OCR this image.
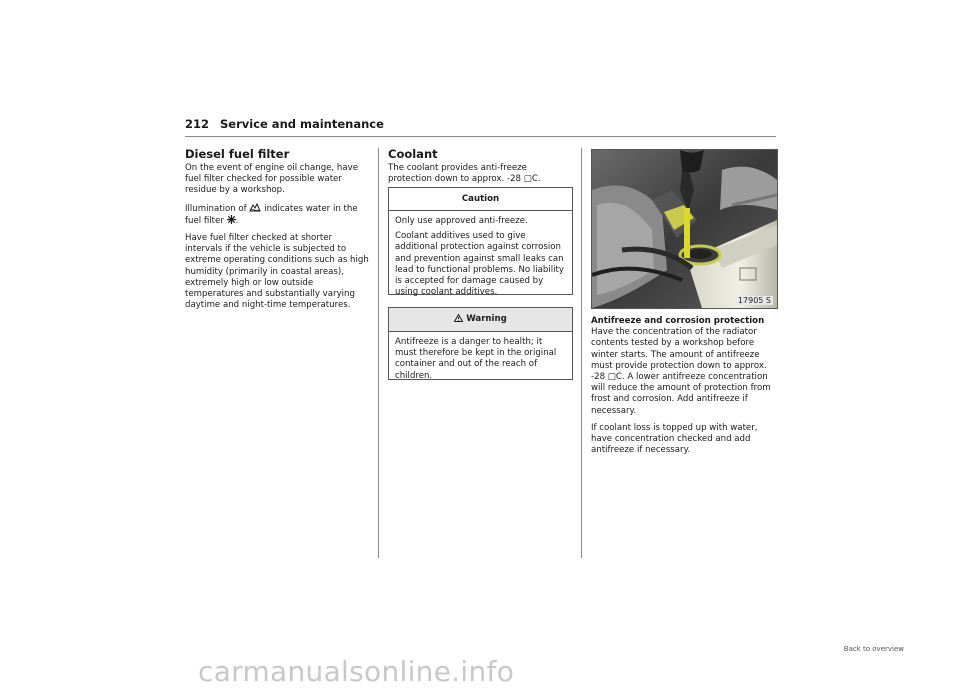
212 Service and maintenance
Diesel fuel filter

On the event of engine oil change, have fuel filter checked for possible water residue by a workshop.

Illumination of indicates water in the fuel filter .

Have fuel filter checked at shorter intervals if the vehicle is subjected to extreme operating conditions such as high humidity (primarily in coastal areas), extremely high or low outside temperatures and substantially varying daytime and night-time temperatures.

Coolant

The coolant provides anti-freeze protection down to approx. -28 □C.

Caution

Only use approved anti-freeze.

Coolant additives used to give additional protection against corrosion and prevention against small leaks can lead to functional problems. No liability is accepted for damage caused by using coolant additives.

Warning

Antifreeze is a danger to health; it must therefore be kept in the original container and out of the reach of children.

17905 S
Antifreeze and corrosion protection

Have the concentration of the radiator contents tested by a workshop before winter starts. The amount of antifreeze must provide protection down to approx. -28 □C. A lower antifreeze concentration will reduce the amount of protection from frost and corrosion. Add antifreeze if necessary.

If coolant loss is topped up with water, have concentration checked and add antifreeze if necessary.

Back to overview
carmanualsonline.info
